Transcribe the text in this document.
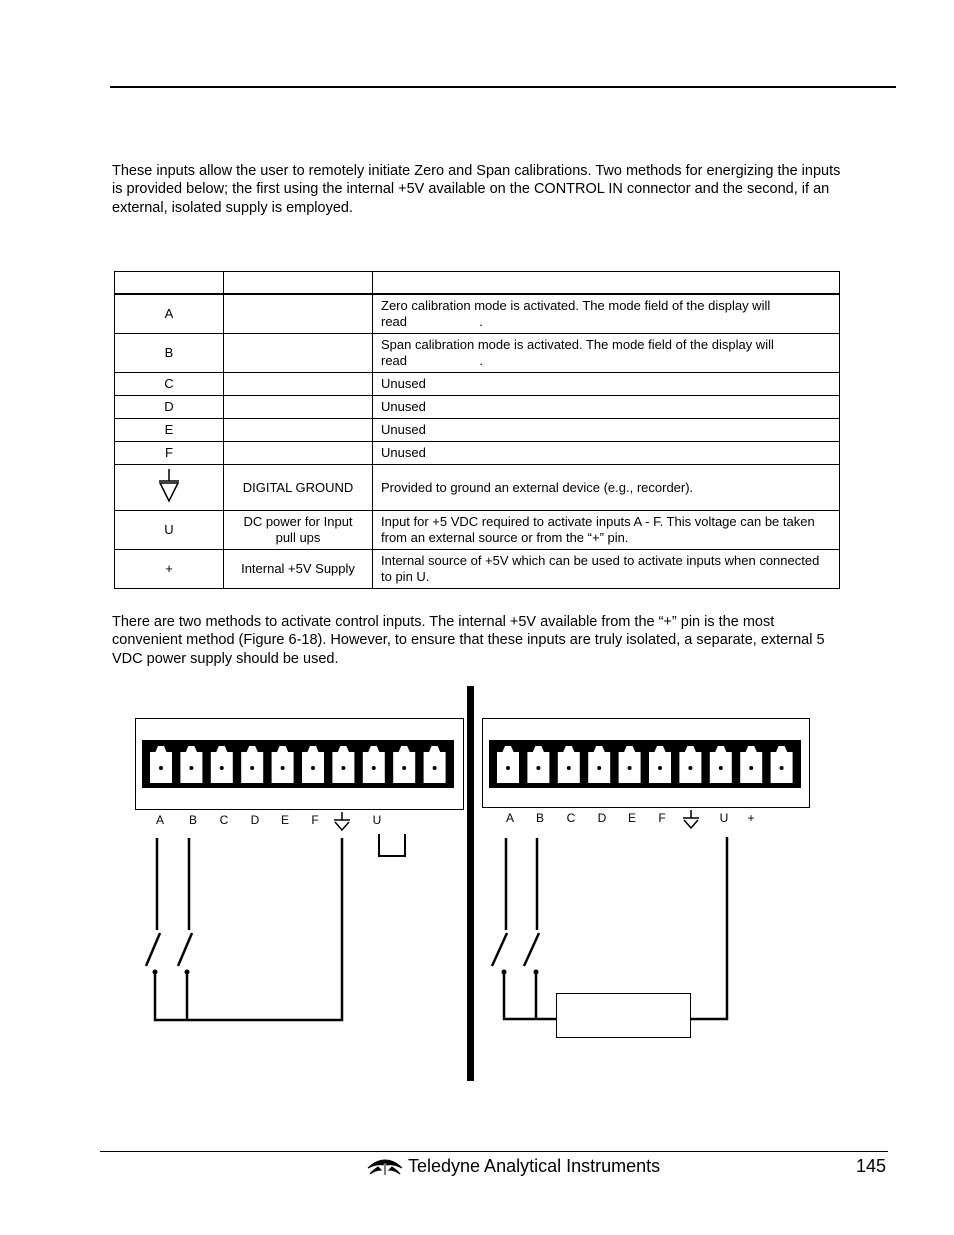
These inputs allow the user to remotely initiate Zero and Span calibrations. Two methods for energizing the inputs is provided below; the first using the internal +5V available on the CONTROL IN connector and the second, if an external, isolated supply is employed.

A		Zero calibration mode is activated. The mode field of the display will
read                    .

B		Span calibration mode is activated. The mode field of the display will
read                    .

C		Unused
D		Unused
E		Unused
F		Unused
	DIGITAL GROUND	Provided to ground an external device (e.g., recorder).
U	DC power for Input pull ups	Input for +5 VDC required to activate inputs A - F. This voltage can be taken from an external source or from the “+” pin.
+	Internal +5V Supply	Internal source of +5V which can be used to activate inputs when connected to pin U.

There are two methods to activate control inputs. The internal +5V available from the “+” pin is the most convenient method (Figure 6-18). However, to ensure that these inputs are truly isolated, a separate, external 5 VDC power supply should be used.

A B C D E F	U	A B C D E F	U +
Teledyne Analytical Instruments	145
